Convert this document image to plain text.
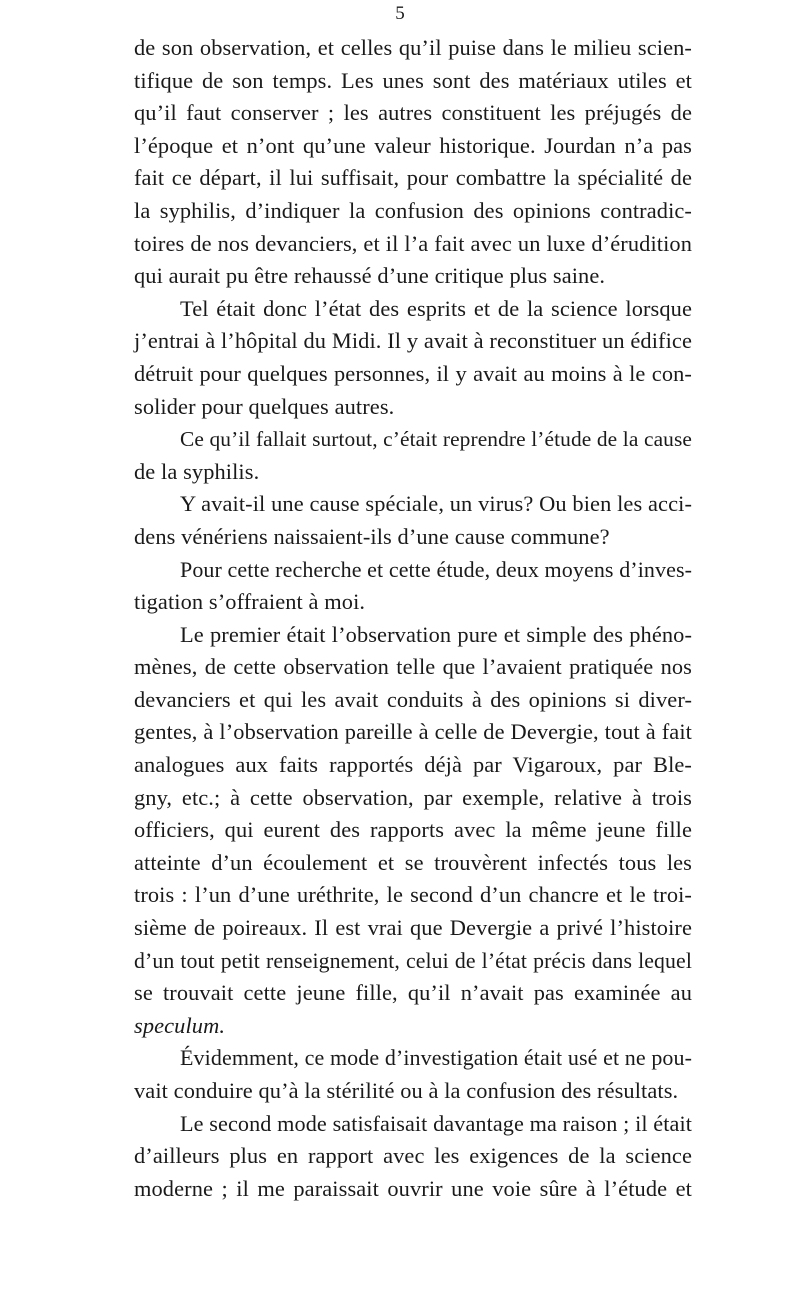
5
de son observation, et celles qu’il puise dans le milieu scien-
tifique de son temps. Les unes sont des matériaux utiles et
qu’il faut conserver ; les autres constituent les préjugés de
l’époque et n’ont qu’une valeur historique. Jourdan n’a pas
fait ce départ, il lui suffisait, pour combattre la spécialité de
la syphilis, d’indiquer la confusion des opinions contradic-
toires de nos devanciers, et il l’a fait avec un luxe d’érudition
qui aurait pu être rehaussé d’une critique plus saine.
Tel était donc l’état des esprits et de la science lorsque
j’entrai à l’hôpital du Midi. Il y avait à reconstituer un édifice
détruit pour quelques personnes, il y avait au moins à le con-
solider pour quelques autres.
Ce qu’il fallait surtout, c’était reprendre l’étude de la cause
de la syphilis.
Y avait-il une cause spéciale, un virus? Ou bien les acci-
dens vénériens naissaient-ils d’une cause commune?
Pour cette recherche et cette étude, deux moyens d’inves-
tigation s’offraient à moi.
Le premier était l’observation pure et simple des phéno-
mènes, de cette observation telle que l’avaient pratiquée nos
devanciers et qui les avait conduits à des opinions si diver-
gentes, à l’observation pareille à celle de Devergie, tout à fait
analogues aux faits rapportés déjà par Vigaroux, par Ble-
gny, etc.; à cette observation, par exemple, relative à trois
officiers, qui eurent des rapports avec la même jeune fille
atteinte d’un écoulement et se trouvèrent infectés tous les
trois : l’un d’une uréthrite, le second d’un chancre et le troi-
sième de poireaux. Il est vrai que Devergie a privé l’histoire
d’un tout petit renseignement, celui de l’état précis dans lequel
se trouvait cette jeune fille, qu’il n’avait pas examinée au
speculum.
Évidemment, ce mode d’investigation était usé et ne pou-
vait conduire qu’à la stérilité ou à la confusion des résultats.
Le second mode satisfaisait davantage ma raison ; il était
d’ailleurs plus en rapport avec les exigences de la science
moderne ; il me paraissait ouvrir une voie sûre à l’étude et
